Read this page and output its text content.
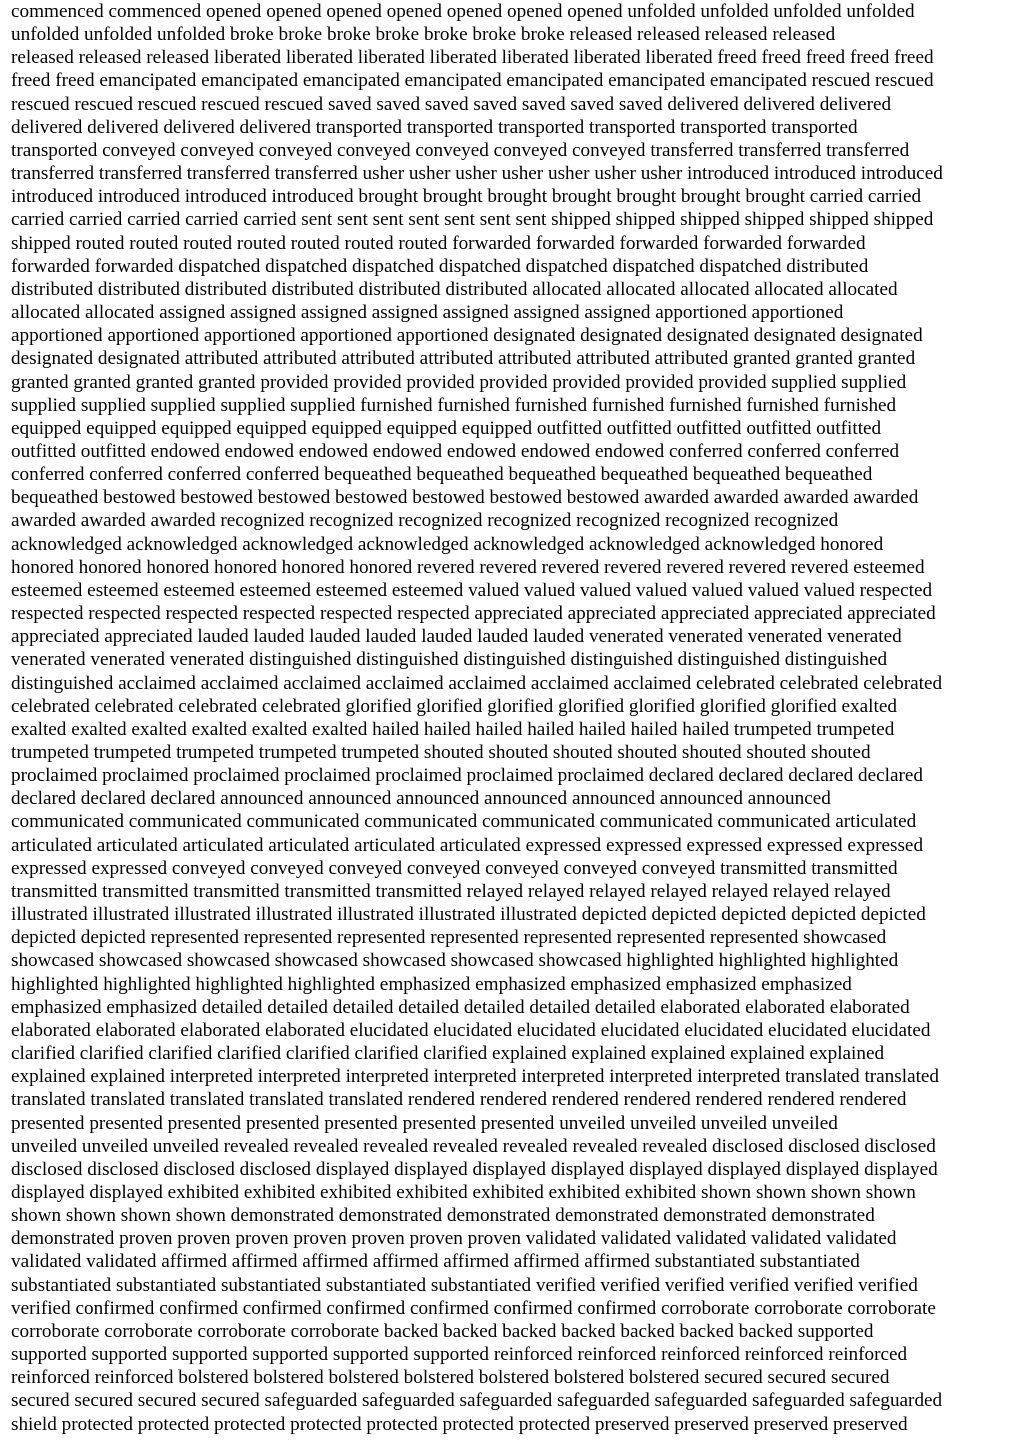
commenced commenced opened opened opened opened opened opened opened unfolded unfolded unfolded unfolded
unfolded unfolded unfolded broke broke broke broke broke broke broke released released released released
released released released liberated liberated liberated liberated liberated liberated liberated freed freed freed freed freed
freed freed emancipated emancipated emancipated emancipated emancipated emancipated emancipated rescued rescued
rescued rescued rescued rescued rescued saved saved saved saved saved saved saved delivered delivered delivered
delivered delivered delivered delivered transported transported transported transported transported transported
transported conveyed conveyed conveyed conveyed conveyed conveyed conveyed transferred transferred transferred
transferred transferred transferred transferred usher usher usher usher usher usher usher introduced introduced introduced
introduced introduced introduced introduced brought brought brought brought brought brought brought carried carried
carried carried carried carried carried sent sent sent sent sent sent sent shipped shipped shipped shipped shipped shipped
shipped routed routed routed routed routed routed routed forwarded forwarded forwarded forwarded forwarded
forwarded forwarded dispatched dispatched dispatched dispatched dispatched dispatched dispatched distributed
distributed distributed distributed distributed distributed distributed allocated allocated allocated allocated allocated
allocated allocated assigned assigned assigned assigned assigned assigned assigned apportioned apportioned
apportioned apportioned apportioned apportioned apportioned designated designated designated designated designated
designated designated attributed attributed attributed attributed attributed attributed attributed granted granted granted
granted granted granted granted provided provided provided provided provided provided provided supplied supplied
supplied supplied supplied supplied supplied furnished furnished furnished furnished furnished furnished furnished
equipped equipped equipped equipped equipped equipped equipped outfitted outfitted outfitted outfitted outfitted
outfitted outfitted endowed endowed endowed endowed endowed endowed endowed conferred conferred conferred
conferred conferred conferred conferred bequeathed bequeathed bequeathed bequeathed bequeathed bequeathed
bequeathed bestowed bestowed bestowed bestowed bestowed bestowed bestowed awarded awarded awarded awarded
awarded awarded awarded recognized recognized recognized recognized recognized recognized recognized
acknowledged acknowledged acknowledged acknowledged acknowledged acknowledged acknowledged honored
honored honored honored honored honored honored revered revered revered revered revered revered revered esteemed
esteemed esteemed esteemed esteemed esteemed esteemed valued valued valued valued valued valued valued respected
respected respected respected respected respected respected appreciated appreciated appreciated appreciated appreciated
appreciated appreciated lauded lauded lauded lauded lauded lauded lauded venerated venerated venerated venerated
venerated venerated venerated distinguished distinguished distinguished distinguished distinguished distinguished
distinguished acclaimed acclaimed acclaimed acclaimed acclaimed acclaimed acclaimed celebrated celebrated celebrated
celebrated celebrated celebrated celebrated glorified glorified glorified glorified glorified glorified glorified exalted
exalted exalted exalted exalted exalted exalted hailed hailed hailed hailed hailed hailed hailed trumpeted trumpeted
trumpeted trumpeted trumpeted trumpeted trumpeted shouted shouted shouted shouted shouted shouted shouted
proclaimed proclaimed proclaimed proclaimed proclaimed proclaimed proclaimed declared declared declared declared
declared declared declared announced announced announced announced announced announced announced
communicated communicated communicated communicated communicated communicated communicated articulated
articulated articulated articulated articulated articulated articulated expressed expressed expressed expressed expressed
expressed expressed conveyed conveyed conveyed conveyed conveyed conveyed conveyed transmitted transmitted
transmitted transmitted transmitted transmitted transmitted relayed relayed relayed relayed relayed relayed relayed
illustrated illustrated illustrated illustrated illustrated illustrated illustrated depicted depicted depicted depicted depicted
depicted depicted represented represented represented represented represented represented represented showcased
showcased showcased showcased showcased showcased showcased showcased highlighted highlighted highlighted
highlighted highlighted highlighted highlighted emphasized emphasized emphasized emphasized emphasized
emphasized emphasized detailed detailed detailed detailed detailed detailed detailed elaborated elaborated elaborated
elaborated elaborated elaborated elaborated elucidated elucidated elucidated elucidated elucidated elucidated elucidated
clarified clarified clarified clarified clarified clarified clarified explained explained explained explained explained
explained explained interpreted interpreted interpreted interpreted interpreted interpreted interpreted translated translated
translated translated translated translated translated rendered rendered rendered rendered rendered rendered rendered
presented presented presented presented presented presented presented unveiled unveiled unveiled unveiled
unveiled unveiled unveiled revealed revealed revealed revealed revealed revealed revealed disclosed disclosed disclosed
disclosed disclosed disclosed disclosed displayed displayed displayed displayed displayed displayed displayed displayed
displayed displayed exhibited exhibited exhibited exhibited exhibited exhibited exhibited shown shown shown shown
shown shown shown shown demonstrated demonstrated demonstrated demonstrated demonstrated demonstrated
demonstrated proven proven proven proven proven proven proven validated validated validated validated validated
validated validated affirmed affirmed affirmed affirmed affirmed affirmed affirmed substantiated substantiated
substantiated substantiated substantiated substantiated substantiated verified verified verified verified verified verified
verified confirmed confirmed confirmed confirmed confirmed confirmed confirmed corroborate corroborate corroborate
corroborate corroborate corroborate corroborate backed backed backed backed backed backed backed supported
supported supported supported supported supported supported reinforced reinforced reinforced reinforced reinforced
reinforced reinforced bolstered bolstered bolstered bolstered bolstered bolstered bolstered secured secured secured
secured secured secured secured safeguarded safeguarded safeguarded safeguarded safeguarded safeguarded safeguarded
shield protected protected protected protected protected protected protected preserved preserved preserved preserved
